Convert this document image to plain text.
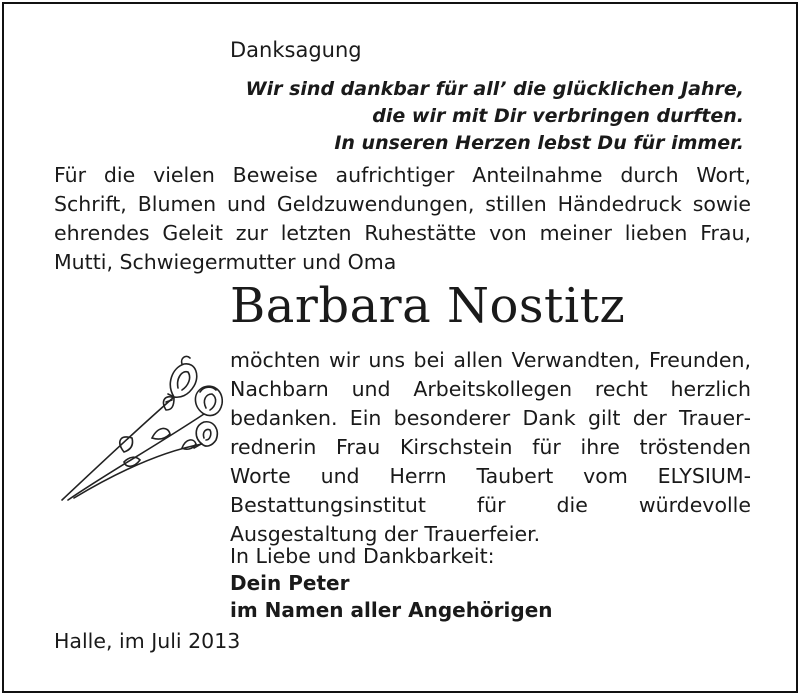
Danksagung
Wir sind dankbar für all’ die glücklichen Jahre,
die wir mit Dir verbringen durften.
In unseren Herzen lebst Du für immer.
Für die vielen Beweise aufrichtiger Anteilnahme durch Wort, Schrift, Blumen und Geldzuwendungen, stillen Händedruck sowie ehrendes Geleit zur letzten Ruhestätte von meiner lieben Frau, Mutti, Schwiegermutter und Oma
Barbara Nostitz
möchten wir uns bei allen Verwandten, Freunden, Nachbarn und Arbeitskollegen recht herzlich bedanken. Ein besonderer Dank gilt der Trauerrednerin Frau Kirschstein für ihre tröstenden Worte und Herrn Taubert vom ELYSIUM-Bestattungsinstitut für die würdevolle Ausgestaltung der Trauerfeier.
In Liebe und Dankbarkeit:
Dein Peter
im Namen aller Angehörigen
Halle, im Juli 2013
